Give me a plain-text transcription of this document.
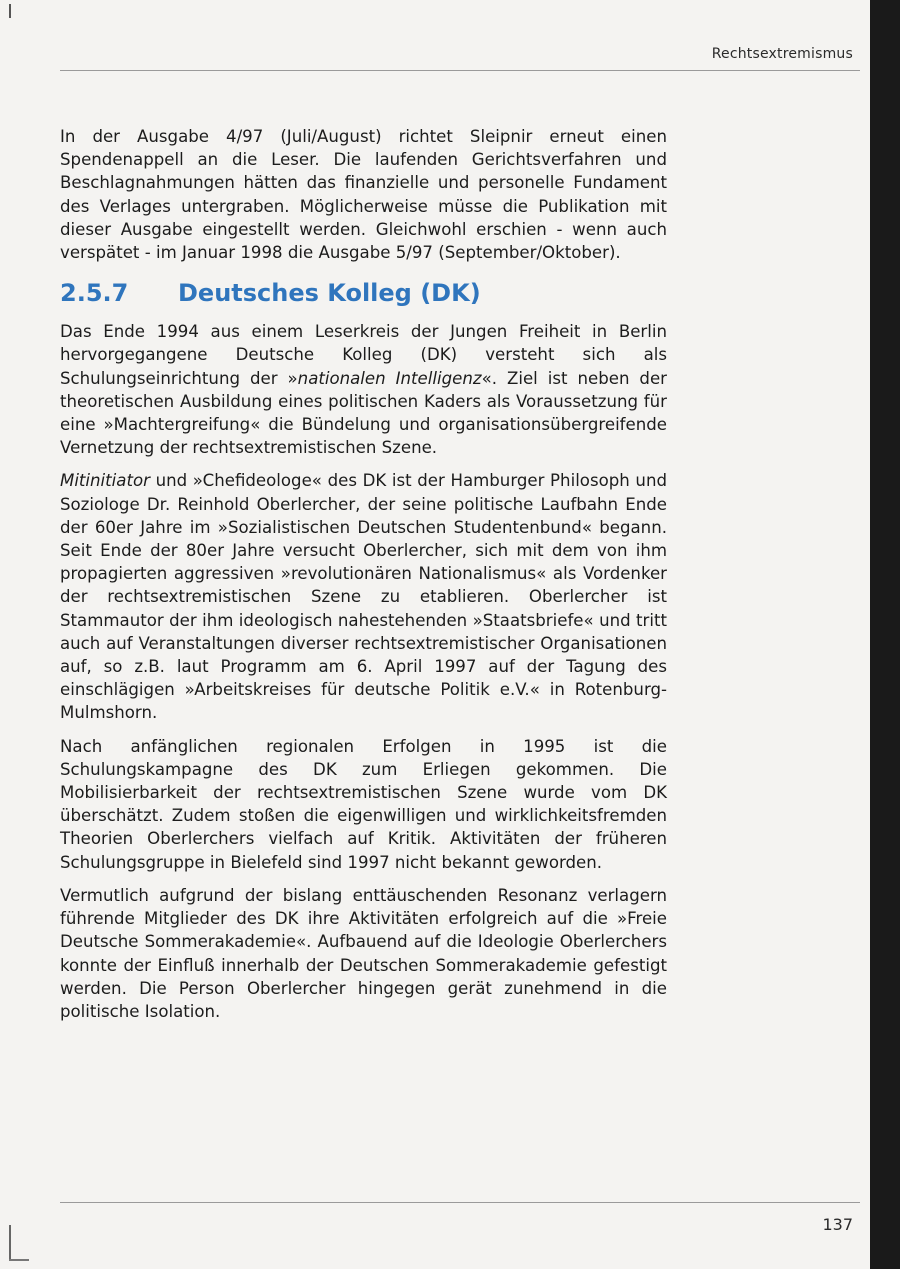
Rechtsextremismus

In der Ausgabe 4/97 (Juli/August) richtet Sleipnir erneut einen Spendenappell an die Leser. Die laufenden Gerichtsverfahren und Beschlagnahmungen hätten das finanzielle und personelle Fundament des Verlages untergraben. Möglicherweise müsse die Publikation mit dieser Ausgabe eingestellt werden. Gleichwohl erschien - wenn auch verspätet - im Januar 1998 die Ausgabe 5/97 (September/Oktober).

2.5.7	Deutsches Kolleg (DK)

Das Ende 1994 aus einem Leserkreis der Jungen Freiheit in Berlin hervorgegangene Deutsche Kolleg (DK) versteht sich als Schulungseinrichtung der »nationalen Intelligenz«. Ziel ist neben der theoretischen Ausbildung eines politischen Kaders als Voraussetzung für eine »Machtergreifung« die Bündelung und organisationsübergreifende Vernetzung der rechtsextremistischen Szene.

Mitinitiator und »Chefideologe« des DK ist der Hamburger Philosoph und Soziologe Dr. Reinhold Oberlercher, der seine politische Laufbahn Ende der 60er Jahre im »Sozialistischen Deutschen Studentenbund« begann. Seit Ende der 80er Jahre versucht Oberlercher, sich mit dem von ihm propagierten aggressiven »revolutionären Nationalismus« als Vordenker der rechtsextremistischen Szene zu etablieren. Oberlercher ist Stammautor der ihm ideologisch nahestehenden »Staatsbriefe« und tritt auch auf Veranstaltungen diverser rechtsextremistischer Organisationen auf, so z.B. laut Programm am 6. April 1997 auf der Tagung des einschlägigen »Arbeitskreises für deutsche Politik e.V.« in Rotenburg-Mulmshorn.

Nach anfänglichen regionalen Erfolgen in 1995 ist die Schulungskampagne des DK zum Erliegen gekommen. Die Mobilisierbarkeit der rechtsextremistischen Szene wurde vom DK überschätzt. Zudem stoßen die eigenwilligen und wirklichkeitsfremden Theorien Oberlerchers vielfach auf Kritik. Aktivitäten der früheren Schulungsgruppe in Bielefeld sind 1997 nicht bekannt geworden.

Vermutlich aufgrund der bislang enttäuschenden Resonanz verlagern führende Mitglieder des DK ihre Aktivitäten erfolgreich auf die »Freie Deutsche Sommerakademie«. Aufbauend auf die Ideologie Oberlerchers konnte der Einfluß innerhalb der Deutschen Sommerakademie gefestigt werden. Die Person Oberlercher hingegen gerät zunehmend in die politische Isolation.

137
